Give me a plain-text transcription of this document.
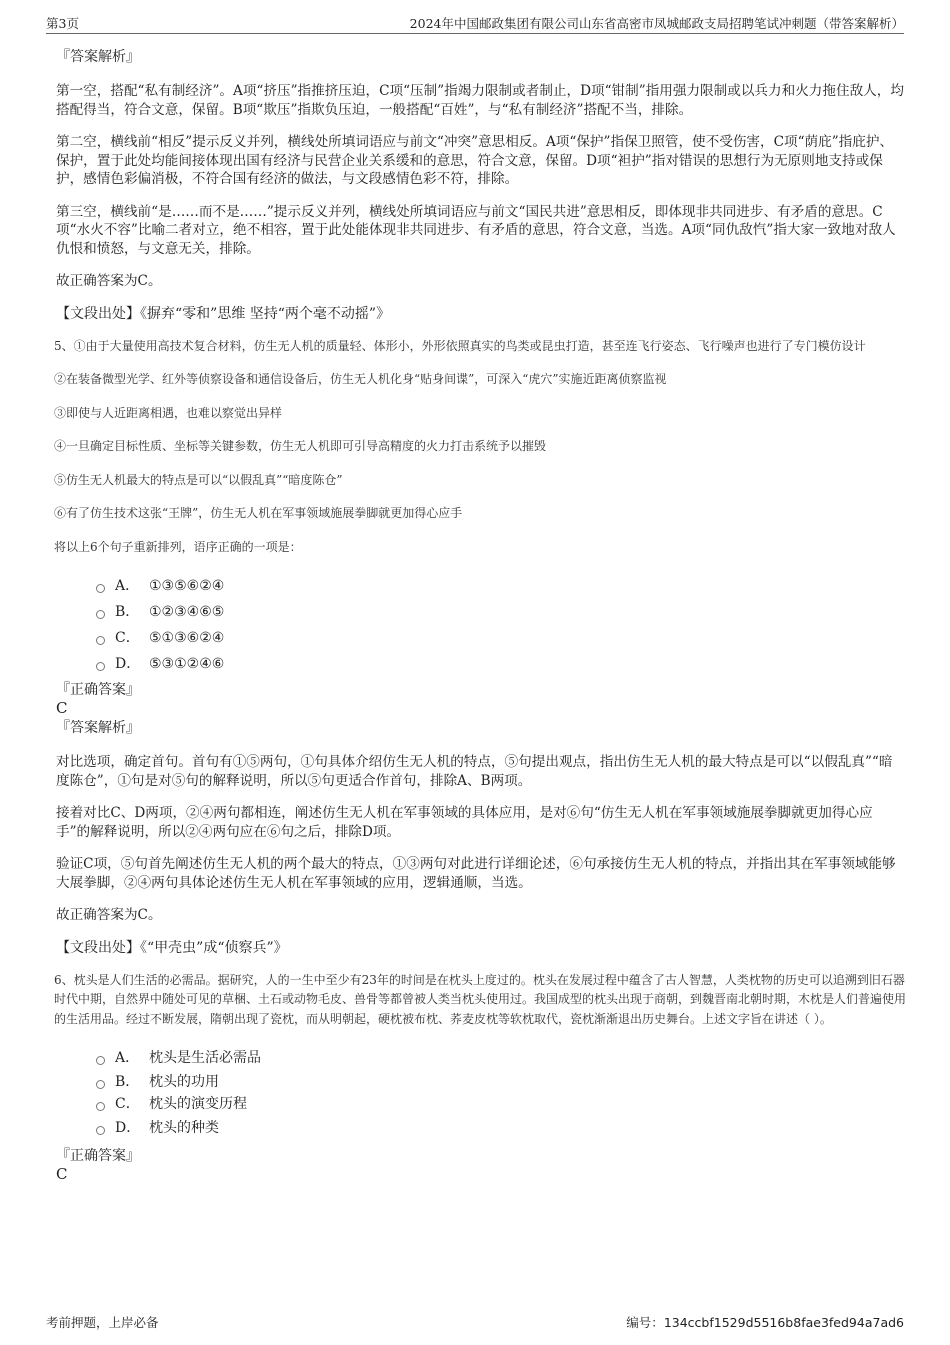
第3页	2024年中国邮政集团有限公司山东省高密市凤城邮政支局招聘笔试冲刺题（带答案解析）
『答案解析』
第一空，搭配“私有制经济”。A项“挤压”指推挤压迫，C项“压制”指竭力限制或者制止，D项“钳制”指用强力限制或以兵力和火力拖住敌人，均搭配得当，符合文意，保留。B项“欺压”指欺负压迫，一般搭配“百姓”，与“私有制经济”搭配不当，排除。
第二空，横线前“相反”提示反义并列，横线处所填词语应与前文“冲突”意思相反。A项“保护”指保卫照管，使不受伤害，C项“荫庇”指庇护、保护，置于此处均能间接体现出国有经济与民营企业关系缓和的意思，符合文意，保留。D项“袒护”指对错误的思想行为无原则地支持或保护，感情色彩偏消极，不符合国有经济的做法，与文段感情色彩不符，排除。
第三空，横线前“是……而不是……”提示反义并列，横线处所填词语应与前文“国民共进”意思相反，即体现非共同进步、有矛盾的意思。C项“水火不容”比喻二者对立，绝不相容，置于此处能体现非共同进步、有矛盾的意思，符合文意，当选。A项“同仇敌忾”指大家一致地对敌人仇恨和愤怒，与文意无关，排除。
故正确答案为C。
【文段出处】《摒弃“零和”思维 坚持“两个毫不动摇”》
5、①由于大量使用高技术复合材料，仿生无人机的质量轻、体形小，外形依照真实的鸟类或昆虫打造，甚至连飞行姿态、飞行噪声也进行了专门模仿设计
②在装备微型光学、红外等侦察设备和通信设备后，仿生无人机化身“贴身间谍”，可深入“虎穴”实施近距离侦察监视
③即使与人近距离相遇，也难以察觉出异样
④一旦确定目标性质、坐标等关键参数，仿生无人机即可引导高精度的火力打击系统予以摧毁
⑤仿生无人机最大的特点是可以“以假乱真”“暗度陈仓”
⑥有了仿生技术这张“王牌”，仿生无人机在军事领域施展拳脚就更加得心应手
将以上6个句子重新排列，语序正确的一项是：
A． ①③⑤⑥②④
B． ①②③④⑥⑤
C． ⑤①③⑥②④
D． ⑤③①②④⑥
『正确答案』
C
『答案解析』
对比选项，确定首句。首句有①⑤两句，①句具体介绍仿生无人机的特点，⑤句提出观点，指出仿生无人机的最大特点是可以“以假乱真”“暗度陈仓”，①句是对⑤句的解释说明，所以⑤句更适合作首句，排除A、B两项。
接着对比C、D两项，②④两句都相连，阐述仿生无人机在军事领域的具体应用，是对⑥句“仿生无人机在军事领域施展拳脚就更加得心应手”的解释说明，所以②④两句应在⑥句之后，排除D项。
验证C项，⑤句首先阐述仿生无人机的两个最大的特点，①③两句对此进行详细论述，⑥句承接仿生无人机的特点，并指出其在军事领域能够大展拳脚，②④两句具体论述仿生无人机在军事领域的应用，逻辑通顺，当选。
故正确答案为C。
【文段出处】《“甲壳虫”成“侦察兵”》
6、枕头是人们生活的必需品。据研究，人的一生中至少有23年的时间是在枕头上度过的。枕头在发展过程中蕴含了古人智慧，人类枕物的历史可以追溯到旧石器时代中期，自然界中随处可见的草梱、土石或动物毛皮、兽骨等都曾被人类当枕头使用过。我国成型的枕头出现于商朝，到魏晋南北朝时期，木枕是人们普遍使用的生活用品。经过不断发展，隋朝出现了瓷枕，而从明朝起，硬枕被布枕、荞麦皮枕等软枕取代，瓷枕渐渐退出历史舞台。上述文字旨在讲述（ ）。
A． 枕头是生活必需品
B． 枕头的功用
C． 枕头的演变历程
D． 枕头的种类
『正确答案』
C
考前押题，上岸必备	编号：134ccbf1529d5516b8fae3fed94a7ad6
